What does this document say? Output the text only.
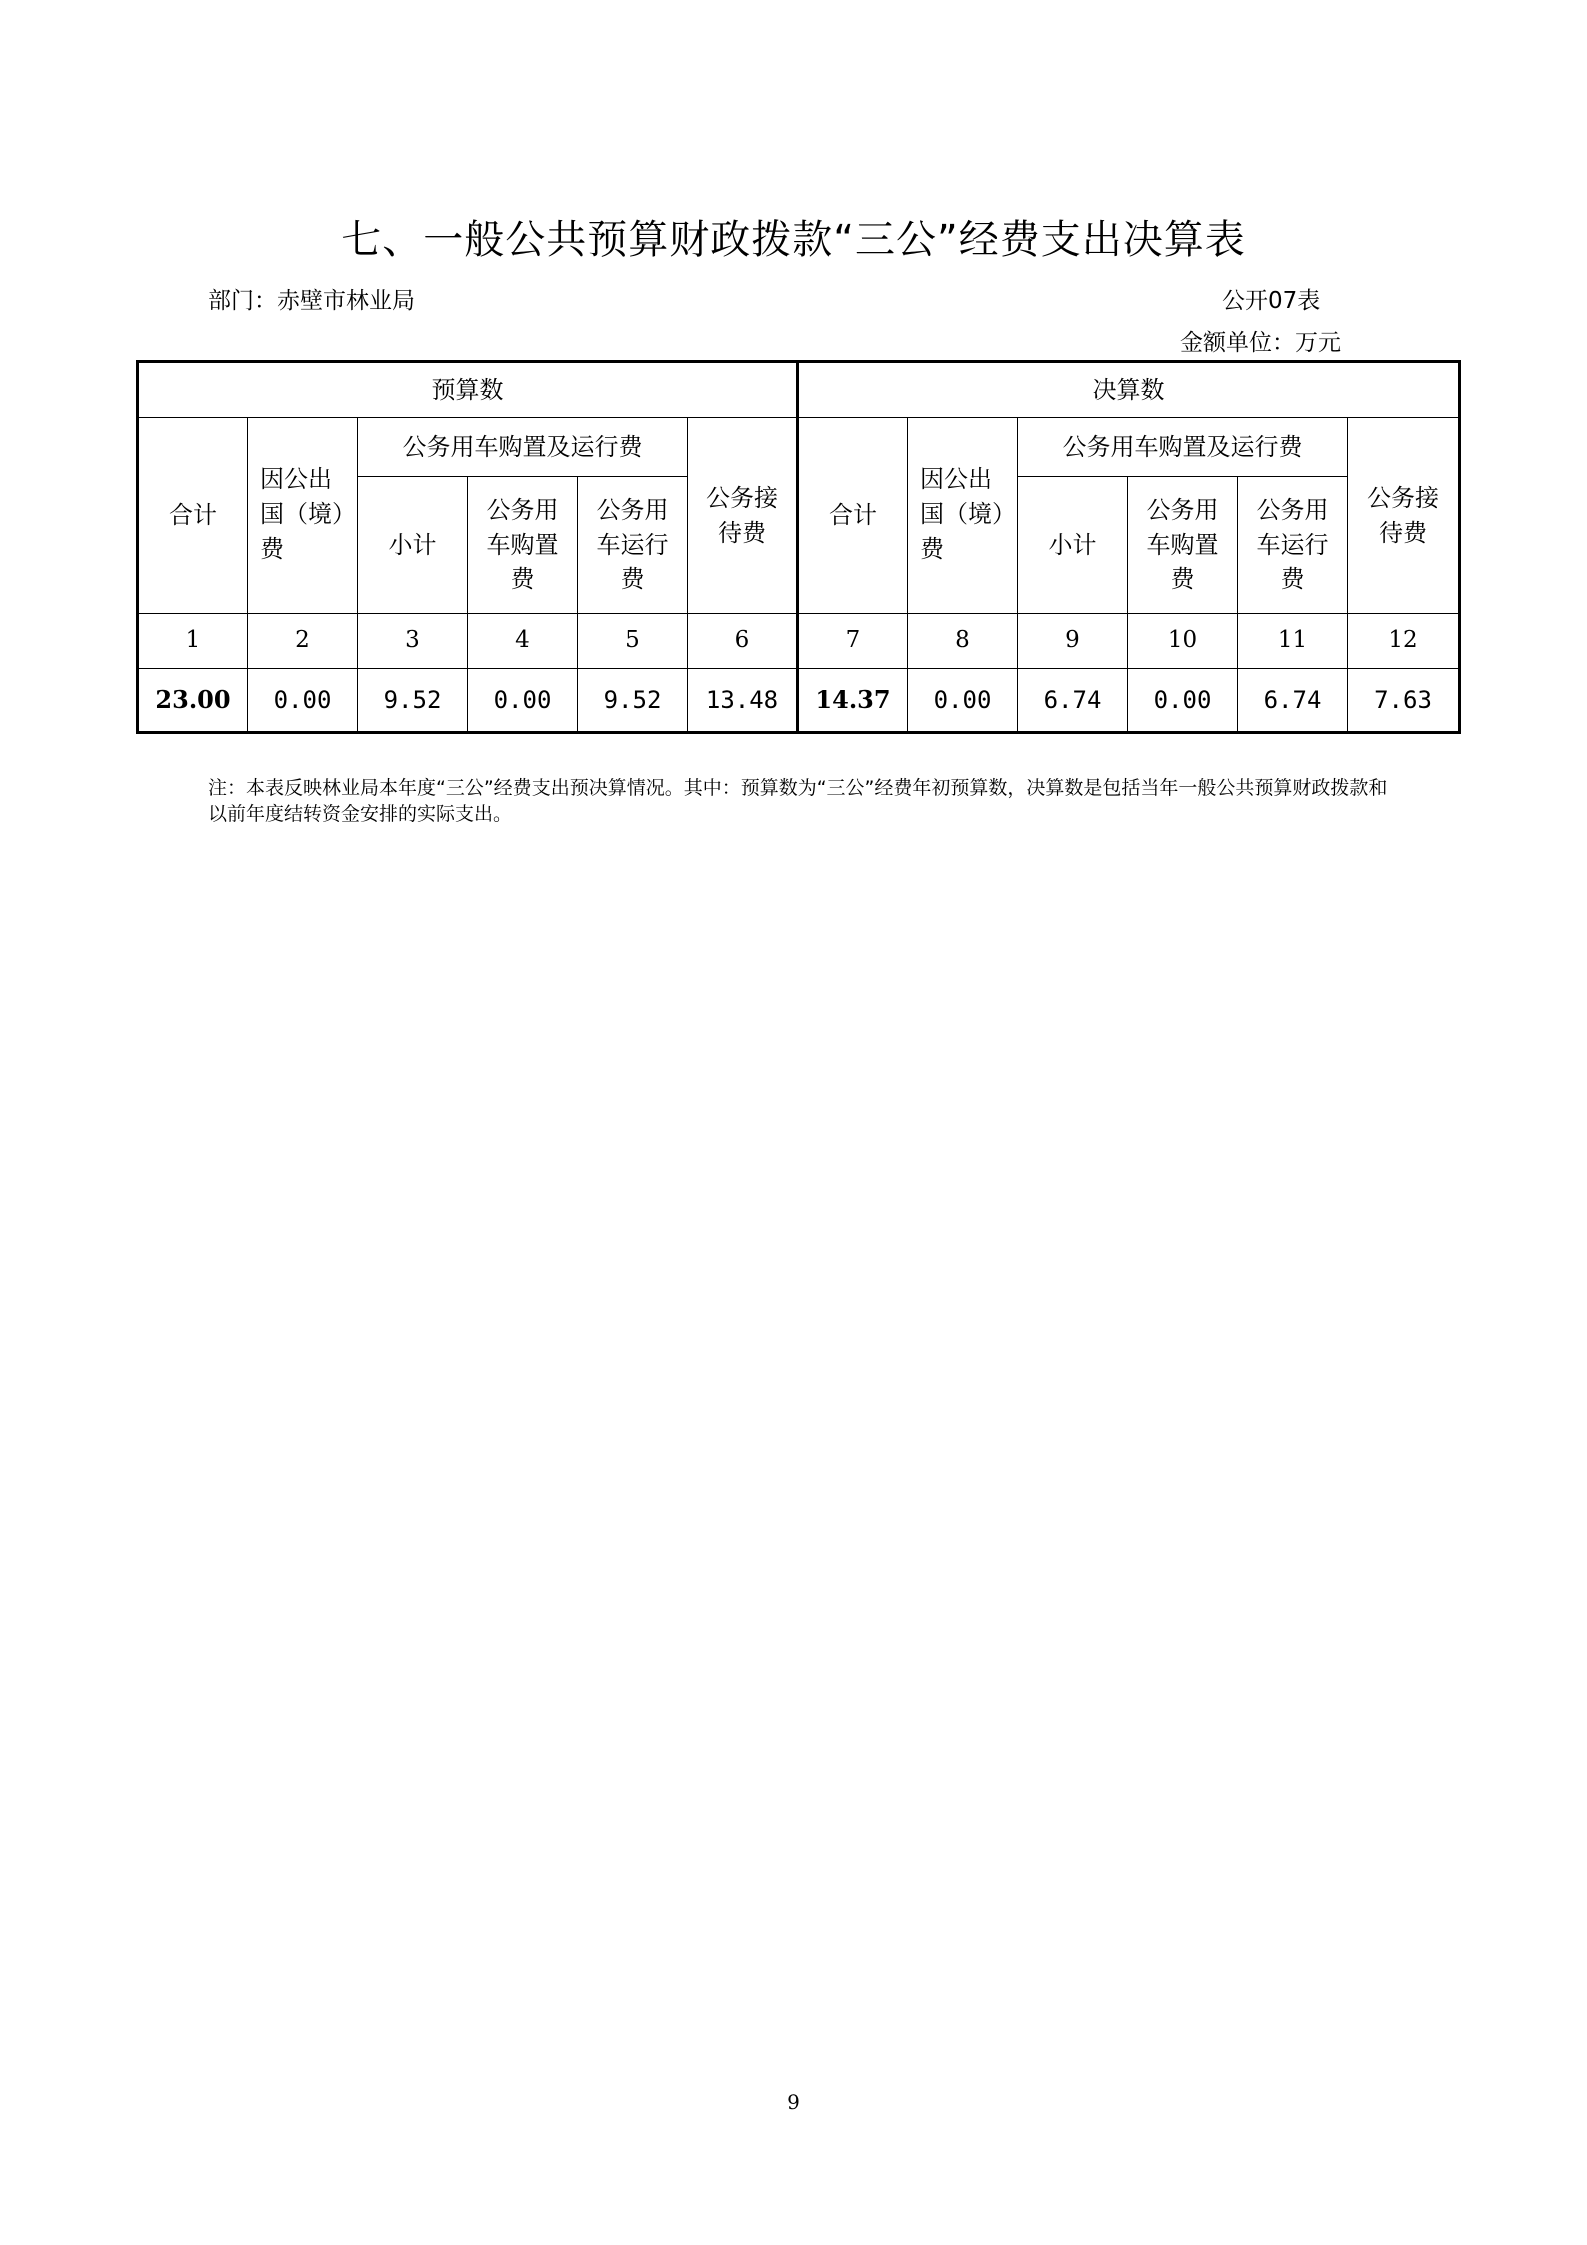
七、一般公共预算财政拨款“三公”经费支出决算表
部门：赤壁市林业局	公开07表
金额单位：万元
预算数						决算数					
合计	因公出国（境）费	公务用车购置及运行费			公务接待费	合计	因公出国（境）费	公务用车购置及运行费			公务接待费
		小计	公务用车购置费	公务用车运行费				小计	公务用车购置费	公务用车运行费	
1	2	3	4	5	6	7	8	9	10	11	12
23.00	0.00	9.52	0.00	9.52	13.48	14.37	0.00	6.74	0.00	6.74	7.63
注：本表反映林业局本年度“三公”经费支出预决算情况。其中：预算数为“三公”经费年初预算数，决算数是包括当年一般公共预算财政拨款和以前年度结转资金安排的实际支出。
9
